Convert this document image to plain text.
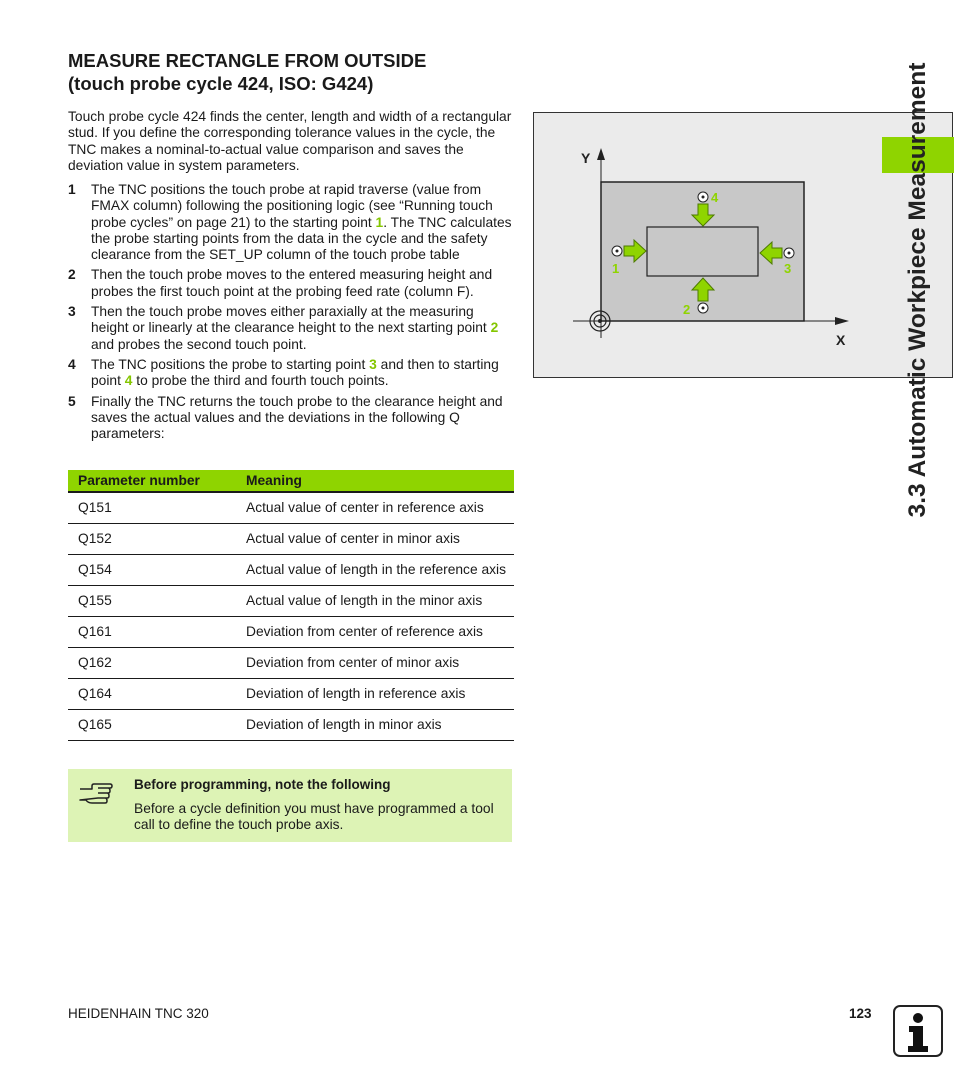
MEASURE RECTANGLE FROM OUTSIDE
(touch probe cycle 424, ISO: G424)
Touch probe cycle 424 finds the center, length and width of a rectangular stud. If you define the corresponding tolerance values in the cycle, the TNC makes a nominal-to-actual value comparison and saves the deviation value in system parameters.
1 The TNC positions the touch probe at rapid traverse (value from FMAX column) following the positioning logic (see “Running touch probe cycles” on page 21) to the starting point 1. The TNC calculates the probe starting points from the data in the cycle and the safety clearance from the SET_UP column of the touch probe table
2 Then the touch probe moves to the entered measuring height and probes the first touch point at the probing feed rate (column F).
3 Then the touch probe moves either paraxially at the measuring height or linearly at the clearance height to the next starting point 2 and probes the second touch point.
4 The TNC positions the probe to starting point 3 and then to starting point 4 to probe the third and fourth touch points.
5 Finally the TNC returns the touch probe to the clearance height and saves the actual values and the deviations in the following Q parameters:
Parameter number	Meaning
Q151	Actual value of center in reference axis
Q152	Actual value of center in minor axis
Q154	Actual value of length in the reference axis
Q155	Actual value of length in the minor axis
Q161	Deviation from center of reference axis
Q162	Deviation from center of minor axis
Q164	Deviation of length in reference axis
Q165	Deviation of length in minor axis
Before programming, note the following
Before a cycle definition you must have programmed a tool call to define the touch probe axis.
Y
X
1
2
3
4	3.3 Automatic Workpiece Measurement
HEIDENHAIN TNC 320	123
